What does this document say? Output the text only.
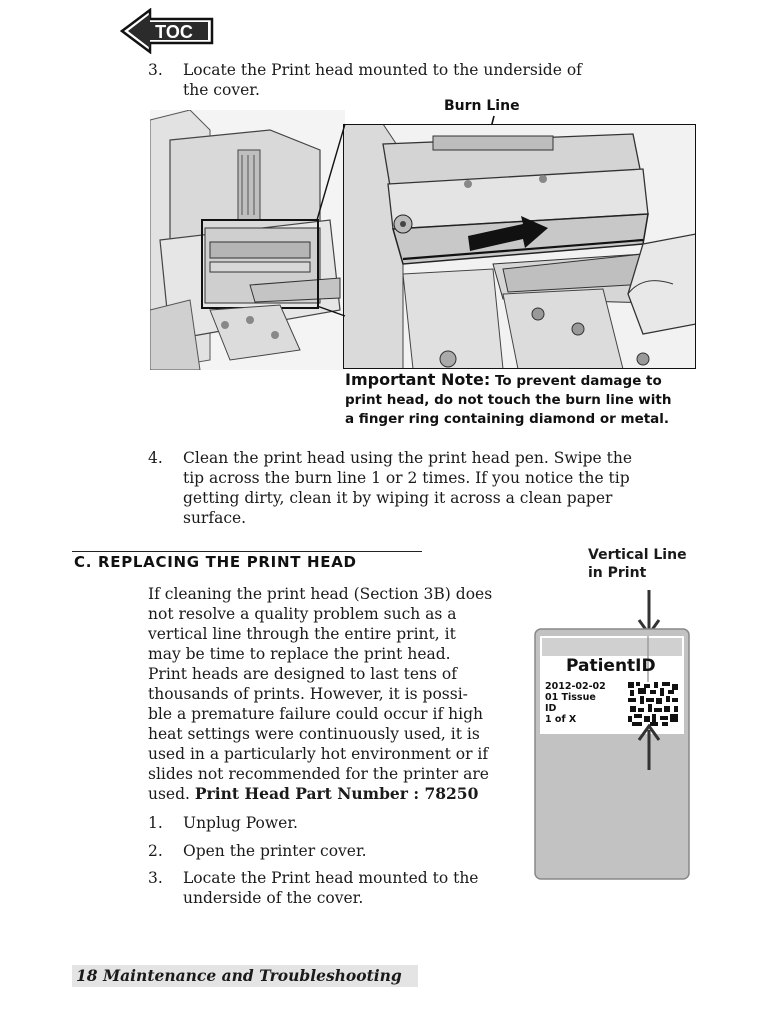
TOC
3. Locate the Print head mounted to the underside of
the cover.
Burn Line
Important Note: To prevent damage to
print head, do not touch the burn line with
a finger ring containing diamond or metal.
4. Clean the print head using the print head pen. Swipe the
tip across the burn line 1 or 2 times. If you notice the tip
getting dirty, clean it by wiping it across a clean paper
surface.
C. REPLACING THE PRINT HEAD
If cleaning the print head (Section 3B) does
not resolve a quality problem such as a
vertical line through the entire print, it
may be time to replace the print head.
Print heads are designed to last tens of
thousands of prints. However, it is possi-
ble a premature failure could occur if high
heat settings were continuously used, it is
used in a particularly hot environment or if
slides not recommended for the printer are
used. Print Head Part Number : 78250
1. Unplug Power.
2. Open the printer cover.
3. Locate the Print head mounted to the
underside of the cover.
Vertical Line
in Print
PatientID
2012-02-02
01 Tissue
ID
1 of X
18 Maintenance and Troubleshooting
